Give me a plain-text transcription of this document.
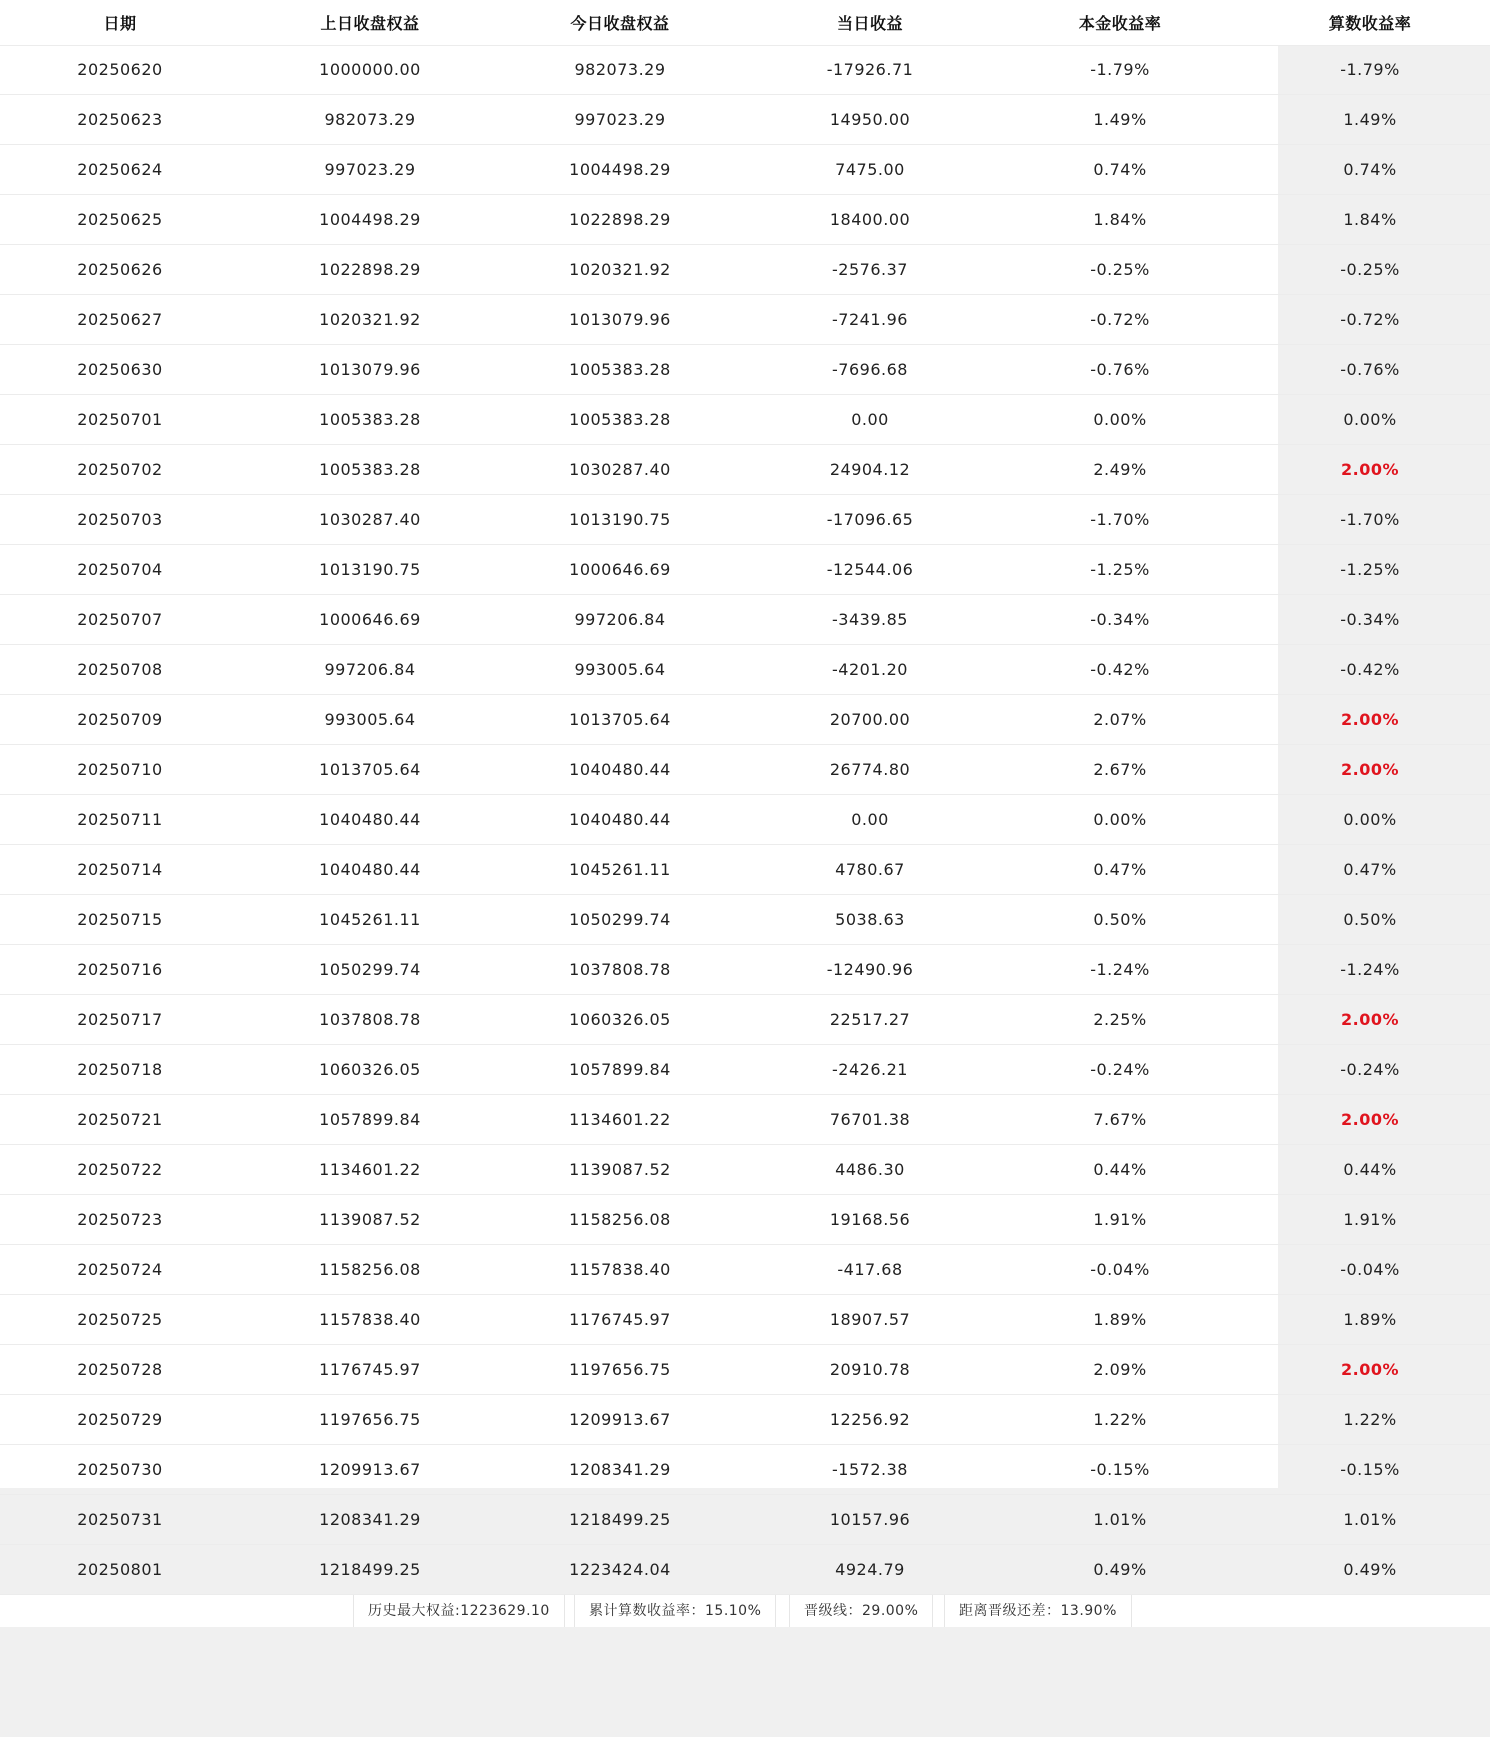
日期	上日收盘权益	今日收盘权益	当日收益	本金收益率	算数收益率
20250620	1000000.00	982073.29	-17926.71	-1.79%	-1.79%
20250623	982073.29	997023.29	14950.00	1.49%	1.49%
20250624	997023.29	1004498.29	7475.00	0.74%	0.74%
20250625	1004498.29	1022898.29	18400.00	1.84%	1.84%
20250626	1022898.29	1020321.92	-2576.37	-0.25%	-0.25%
20250627	1020321.92	1013079.96	-7241.96	-0.72%	-0.72%
20250630	1013079.96	1005383.28	-7696.68	-0.76%	-0.76%
20250701	1005383.28	1005383.28	0.00	0.00%	0.00%
20250702	1005383.28	1030287.40	24904.12	2.49%	2.00%
20250703	1030287.40	1013190.75	-17096.65	-1.70%	-1.70%
20250704	1013190.75	1000646.69	-12544.06	-1.25%	-1.25%
20250707	1000646.69	997206.84	-3439.85	-0.34%	-0.34%
20250708	997206.84	993005.64	-4201.20	-0.42%	-0.42%
20250709	993005.64	1013705.64	20700.00	2.07%	2.00%
20250710	1013705.64	1040480.44	26774.80	2.67%	2.00%
20250711	1040480.44	1040480.44	0.00	0.00%	0.00%
20250714	1040480.44	1045261.11	4780.67	0.47%	0.47%
20250715	1045261.11	1050299.74	5038.63	0.50%	0.50%
20250716	1050299.74	1037808.78	-12490.96	-1.24%	-1.24%
20250717	1037808.78	1060326.05	22517.27	2.25%	2.00%
20250718	1060326.05	1057899.84	-2426.21	-0.24%	-0.24%
20250721	1057899.84	1134601.22	76701.38	7.67%	2.00%
20250722	1134601.22	1139087.52	4486.30	0.44%	0.44%
20250723	1139087.52	1158256.08	19168.56	1.91%	1.91%
20250724	1158256.08	1157838.40	-417.68	-0.04%	-0.04%
20250725	1157838.40	1176745.97	18907.57	1.89%	1.89%
20250728	1176745.97	1197656.75	20910.78	2.09%	2.00%
20250729	1197656.75	1209913.67	12256.92	1.22%	1.22%
20250730	1209913.67	1208341.29	-1572.38	-0.15%	-0.15%
20250731	1208341.29	1218499.25	10157.96	1.01%	1.01%
20250801	1218499.25	1223424.04	4924.79	0.49%	0.49%
历史最大权益:1223629.10	累计算数收益率：15.10%	晋级线：29.00%	距离晋级还差：13.90%
